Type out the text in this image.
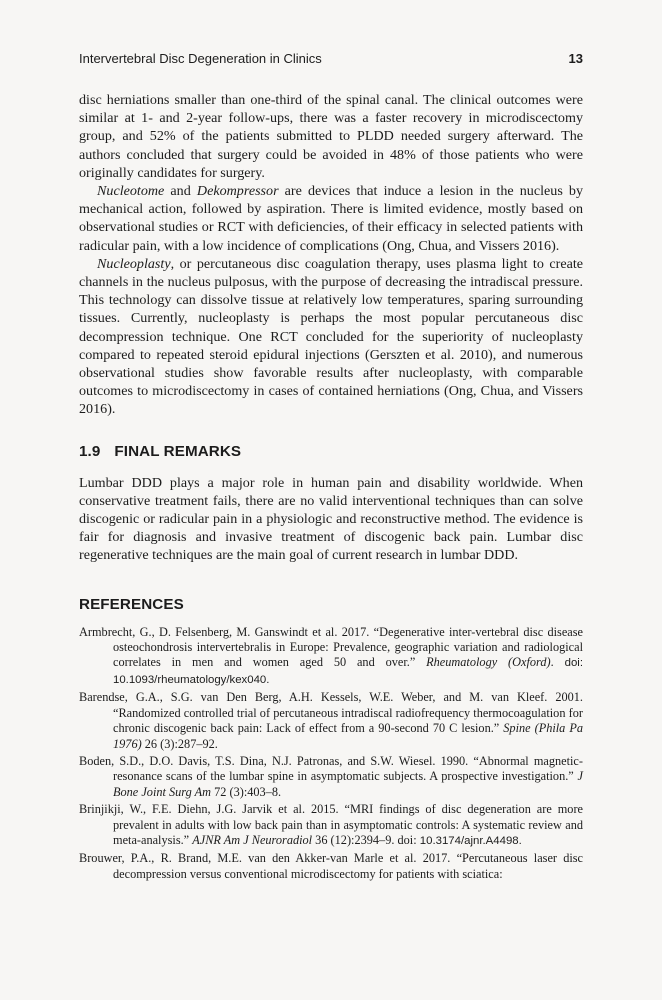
Intervertebral Disc Degeneration in Clinics	13

disc herniations smaller than one-third of the spinal canal. The clinical outcomes were similar at 1- and 2-year follow-ups, there was a faster recovery in microdiscectomy group, and 52% of the patients submitted to PLDD needed surgery afterward. The authors concluded that surgery could be avoided in 48% of those patients who were originally candidates for surgery.

Nucleotome and Dekompressor are devices that induce a lesion in the nucleus by mechanical action, followed by aspiration. There is limited evidence, mostly based on observational studies or RCT with deficiencies, of their efficacy in selected patients with radicular pain, with a low incidence of complications (Ong, Chua, and Vissers 2016).

Nucleoplasty, or percutaneous disc coagulation therapy, uses plasma light to create channels in the nucleus pulposus, with the purpose of decreasing the intradiscal pressure. This technology can dissolve tissue at relatively low temperatures, sparing surrounding tissues. Currently, nucleoplasty is perhaps the most popular percutaneous disc decompression technique. One RCT concluded for the superiority of nucleoplasty compared to repeated steroid epidural injections (Gerszten et al. 2010), and numerous observational studies show favorable results after nucleoplasty, with comparable outcomes to microdiscectomy in cases of contained herniations (Ong, Chua, and Vissers 2016).

1.9 FINAL REMARKS

Lumbar DDD plays a major role in human pain and disability worldwide. When conservative treatment fails, there are no valid interventional techniques than can solve discogenic or radicular pain in a physiologic and reconstructive method. The evidence is fair for diagnosis and invasive treatment of discogenic back pain. Lumbar disc regenerative techniques are the main goal of current research in lumbar DDD.

REFERENCES

Armbrecht, G., D. Felsenberg, M. Ganswindt et al. 2017. “Degenerative inter-vertebral disc disease osteochondrosis intervertebralis in Europe: Prevalence, geographic variation and radiological correlates in men and women aged 50 and over.” Rheumatology (Oxford). doi: 10.1093/rheumatology/kex040.

Barendse, G.A., S.G. van Den Berg, A.H. Kessels, W.E. Weber, and M. van Kleef. 2001. “Randomized controlled trial of percutaneous intradiscal radiofrequency thermocoagulation for chronic discogenic back pain: Lack of effect from a 90-second 70 C lesion.” Spine (Phila Pa 1976) 26 (3):287–92.

Boden, S.D., D.O. Davis, T.S. Dina, N.J. Patronas, and S.W. Wiesel. 1990. “Abnormal magnetic-resonance scans of the lumbar spine in asymptomatic subjects. A prospective investigation.” J Bone Joint Surg Am 72 (3):403–8.

Brinjikji, W., F.E. Diehn, J.G. Jarvik et al. 2015. “MRI findings of disc degeneration are more prevalent in adults with low back pain than in asymptomatic controls: A systematic review and meta-analysis.” AJNR Am J Neuroradiol 36 (12):2394–9. doi: 10.3174/ajnr.A4498.

Brouwer, P.A., R. Brand, M.E. van den Akker-van Marle et al. 2017. “Percutaneous laser disc decompression versus conventional microdiscectomy for patients with sciatica:
